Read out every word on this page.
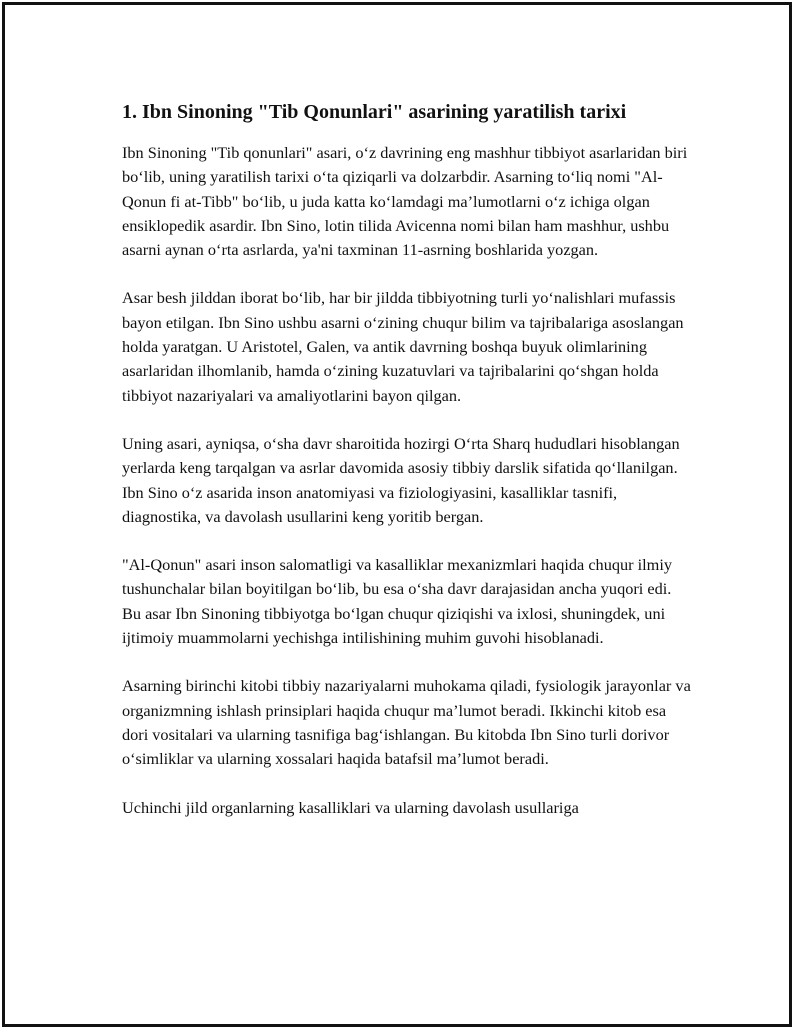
1. Ibn Sinoning "Tib Qonunlari" asarining yaratilish tarixi

Ibn Sinoning "Tib qonunlari" asari, o‘z davrining eng mashhur tibbiyot asarlaridan biri bo‘lib, uning yaratilish tarixi o‘ta qiziqarli va dolzarbdir. Asarning to‘liq nomi "Al-Qonun fi at-Tibb" bo‘lib, u juda katta ko‘lamdagi ma’lumotlarni o‘z ichiga olgan ensiklopedik asardir. Ibn Sino, lotin tilida Avicenna nomi bilan ham mashhur, ushbu asarni aynan o‘rta asrlarda, ya'ni taxminan 11-asrning boshlarida yozgan.

Asar besh jilddan iborat bo‘lib, har bir jildda tibbiyotning turli yo‘nalishlari mufassis bayon etilgan. Ibn Sino ushbu asarni o‘zining chuqur bilim va tajribalariga asoslangan holda yaratgan. U Aristotel, Galen, va antik davrning boshqa buyuk olimlarining asarlaridan ilhomlanib, hamda o‘zining kuzatuvlari va tajribalarini qo‘shgan holda tibbiyot nazariyalari va amaliyotlarini bayon qilgan.

Uning asari, ayniqsa, o‘sha davr sharoitida hozirgi O‘rta Sharq hududlari hisoblangan yerlarda keng tarqalgan va asrlar davomida asosiy tibbiy darslik sifatida qo‘llanilgan. Ibn Sino o‘z asarida inson anatomiyasi va fiziologiyasini, kasalliklar tasnifi, diagnostika, va davolash usullarini keng yoritib bergan.

"Al-Qonun" asari inson salomatligi va kasalliklar mexanizmlari haqida chuqur ilmiy tushunchalar bilan boyitilgan bo‘lib, bu esa o‘sha davr darajasidan ancha yuqori edi. Bu asar Ibn Sinoning tibbiyotga bo‘lgan chuqur qiziqishi va ixlosi, shuningdek, uni ijtimoiy muammolarni yechishga intilishining muhim guvohi hisoblanadi.

Asarning birinchi kitobi tibbiy nazariyalarni muhokama qiladi, fysiologik jarayonlar va organizmning ishlash prinsiplari haqida chuqur ma’lumot beradi. Ikkinchi kitob esa dori vositalari va ularning tasnifiga bag‘ishlangan. Bu kitobda Ibn Sino turli dorivor o‘simliklar va ularning xossalari haqida batafsil ma’lumot beradi.

Uchinchi jild organlarning kasalliklari va ularning davolash usullariga
